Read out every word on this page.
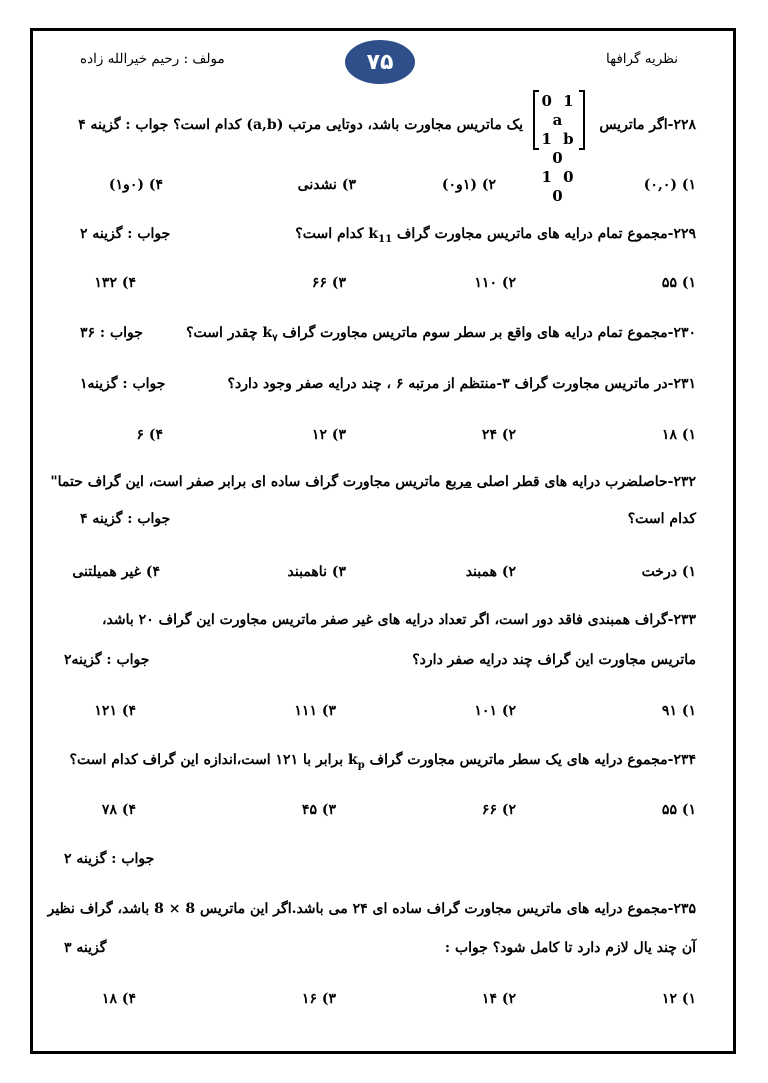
نظریه گرافها
مولف : رحیم خیرالله زاده	۷۵
۲۲۸-اگر ماتریس
0 1 a
1 b 0
1 0 0
یک ماتریس مجاورت باشد، دوتایی مرتب (a,b) کدام است؟ جواب : گزینه ۴
۱) (۰,۰)
۲) (۱و۰)
۳) نشدنی
۴) (۰و۱)
۲۲۹-مجموع تمام درایه های ماتریس مجاورت گراف $k_{11}$ کدام است؟
جواب : گزینه ۲
۱) ۵۵
۲) ۱۱۰
۳) ۶۶
۴) ۱۳۲
۲۳۰-مجموع تمام درایه های واقع بر سطر سوم ماتریس مجاورت گراف $k_۷$ چقدر است؟
جواب : ۳۶
۲۳۱-در ماتریس مجاورت گراف ۳-منتظم از مرتبه ۶ ، چند درایه صفر وجود دارد؟
جواب : گزینه۱
۱) ۱۸
۲) ۲۴
۳) ۱۲
۴) ۶
۲۳۲-حاصلضرب درایه های قطر اصلی مربع ماتریس مجاورت گراف ساده ای برابر صفر است، این گراف حتما"
کدام است؟
جواب : گزینه ۴
۱) درخت
۲) همبند
۳) ناهمبند
۴) غیر همیلتنی
۲۳۳-گراف همبندی فاقد دور است، اگر تعداد درایه های غیر صفر ماتریس مجاورت این گراف ۲۰ باشد،
ماتریس مجاورت این گراف چند درایه صفر دارد؟
جواب : گزینه۲
۱) ۹۱
۲) ۱۰۱
۳) ۱۱۱
۴) ۱۲۱
۲۳۴-مجموع درایه های یک سطر ماتریس مجاورت گراف $k_p$ برابر با ۱۲۱ است،اندازه این گراف کدام است؟
۱) ۵۵
۲) ۶۶
۳) ۴۵
۴) ۷۸
جواب : گزینه ۲
۲۳۵-مجموع درایه های ماتریس مجاورت گراف ساده ای ۲۴ می باشد.اگر این ماتریس 8 × 8 باشد، گراف نظیر
آن چند یال لازم دارد تا کامل شود؟ جواب :
گزینه ۳
۱) ۱۲
۲) ۱۴
۳) ۱۶
۴) ۱۸
